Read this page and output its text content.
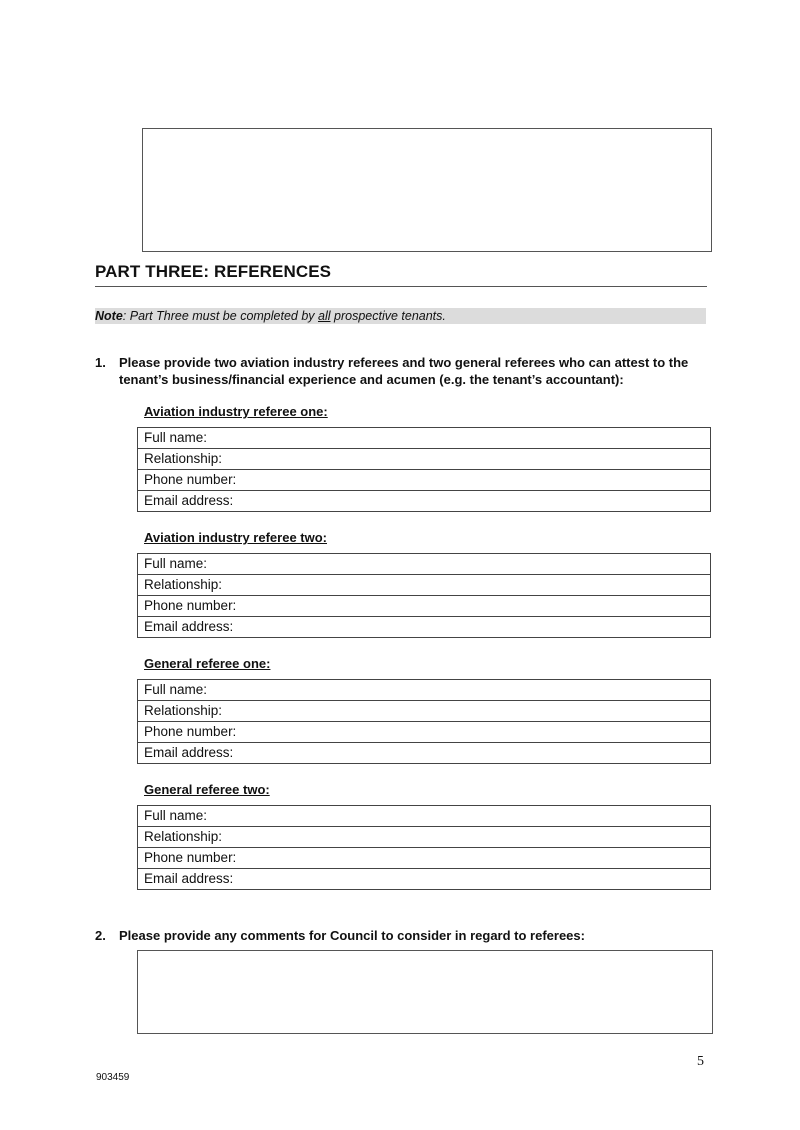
PART THREE: REFERENCES
Note: Part Three must be completed by all prospective tenants.
1. Please provide two aviation industry referees and two general referees who can attest to the tenant’s business/financial experience and acumen (e.g. the tenant’s accountant):
Aviation industry referee one:
Full name:
Relationship:
Phone number:
Email address:
Aviation industry referee two:
Full name:
Relationship:
Phone number:
Email address:
General referee one:
Full name:
Relationship:
Phone number:
Email address:
General referee two:
Full name:
Relationship:
Phone number:
Email address:
2. Please provide any comments for Council to consider in regard to referees:
5
903459
